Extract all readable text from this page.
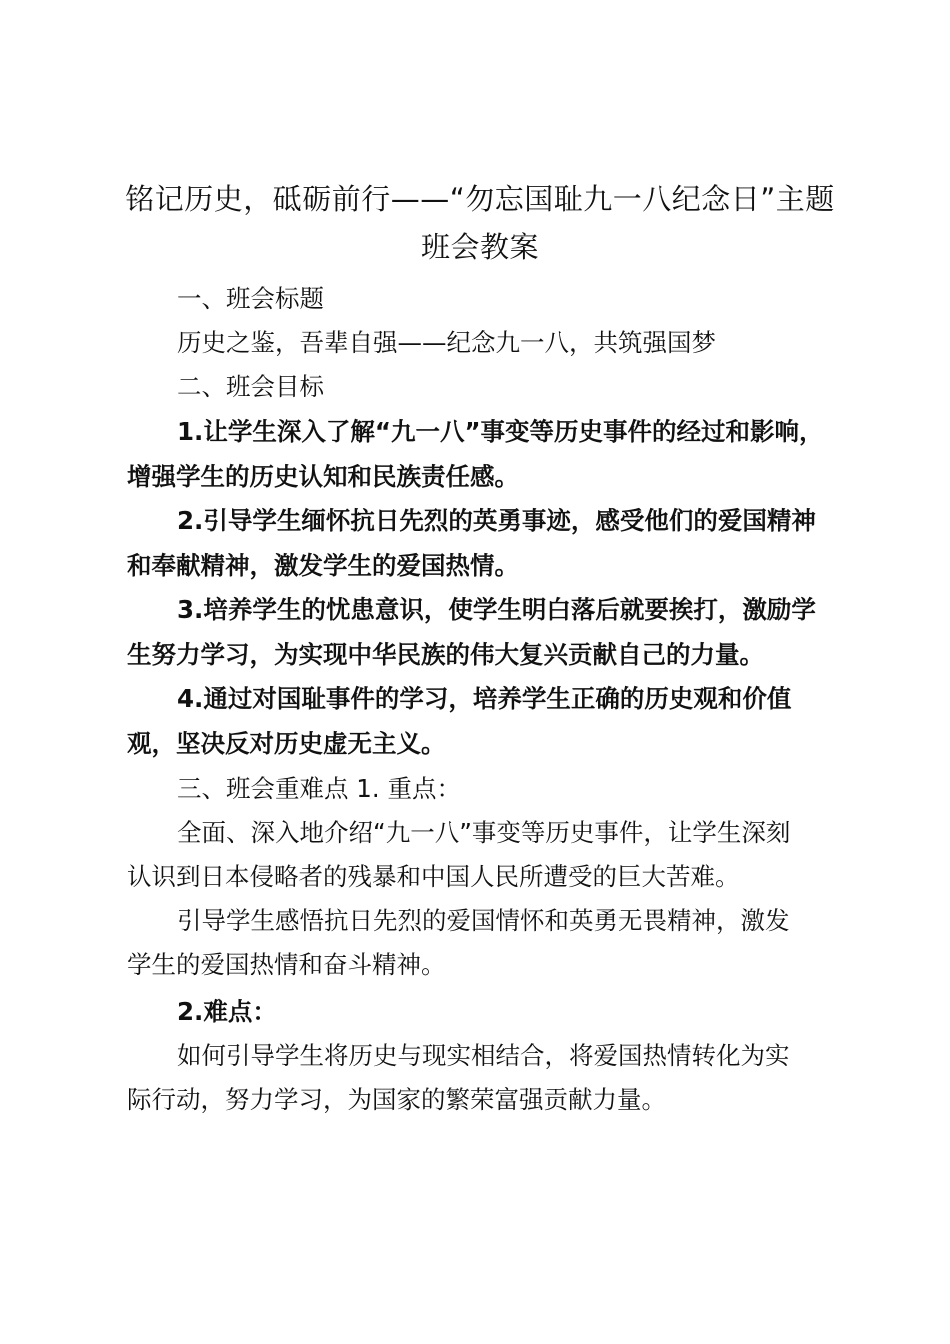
铭记历史，砥砺前行——“勿忘国耻九一八纪念日”主题
班会教案

一、班会标题

历史之鉴，吾辈自强——纪念九一八，共筑强国梦

二、班会目标

1.让学生深入了解“九一八”事变等历史事件的经过和影响，
增强学生的历史认知和民族责任感。
2.引导学生缅怀抗日先烈的英勇事迹，感受他们的爱国精神
和奉献精神，激发学生的爱国热情。
3.培养学生的忧患意识，使学生明白落后就要挨打，激励学
生努力学习，为实现中华民族的伟大复兴贡献自己的力量。
4.通过对国耻事件的学习，培养学生正确的历史观和价值
观，坚决反对历史虚无主义。

三、班会重难点 1. 重点：

全面、深入地介绍“九一八”事变等历史事件，让学生深刻
认识到日本侵略者的残暴和中国人民所遭受的巨大苦难。
引导学生感悟抗日先烈的爱国情怀和英勇无畏精神，激发
学生的爱国热情和奋斗精神。

2.难点：

如何引导学生将历史与现实相结合，将爱国热情转化为实
际行动，努力学习，为国家的繁荣富强贡献力量。
